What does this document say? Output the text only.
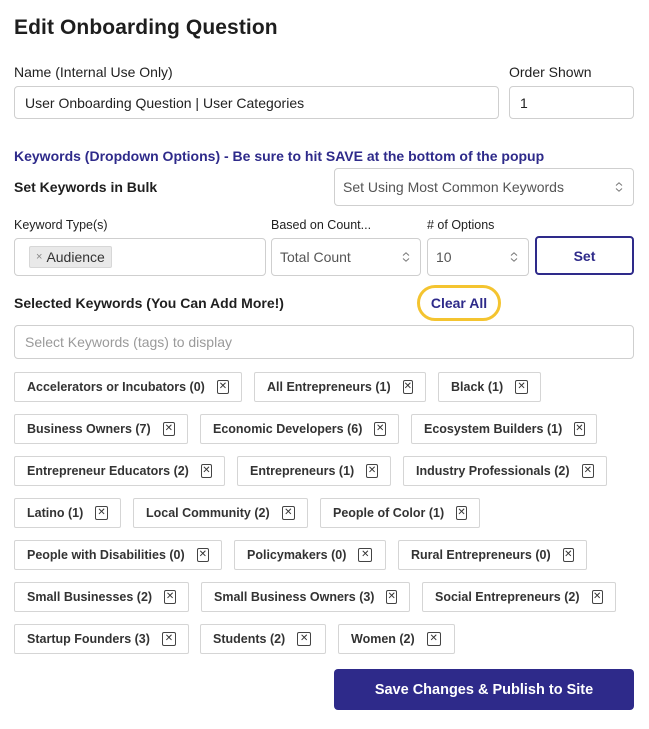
Edit Onboarding Question
Name (Internal Use Only)
User Onboarding Question | User Categories
Order Shown
1
Keywords (Dropdown Options) - Be sure to hit SAVE at the bottom of the popup
Set Keywords in Bulk	Set Using Most Common Keywords
Keyword Type(s)
× Audience
Based on Count...
Total Count
# of Options
10	Set
Selected Keywords (You Can Add More!)	Clear All
Select Keywords (tags) to display
Accelerators or Incubators (0) ✕	All Entrepreneurs (1) ✕	Black (1) ✕
Business Owners (7) ✕	Economic Developers (6) ✕	Ecosystem Builders (1) ✕
Entrepreneur Educators (2) ✕	Entrepreneurs (1) ✕	Industry Professionals (2) ✕
Latino (1) ✕	Local Community (2) ✕	People of Color (1) ✕
People with Disabilities (0) ✕	Policymakers (0) ✕	Rural Entrepreneurs (0) ✕
Small Businesses (2) ✕	Small Business Owners (3) ✕	Social Entrepreneurs (2) ✕
Startup Founders (3) ✕	Students (2) ✕	Women (2) ✕
Save Changes & Publish to Site
